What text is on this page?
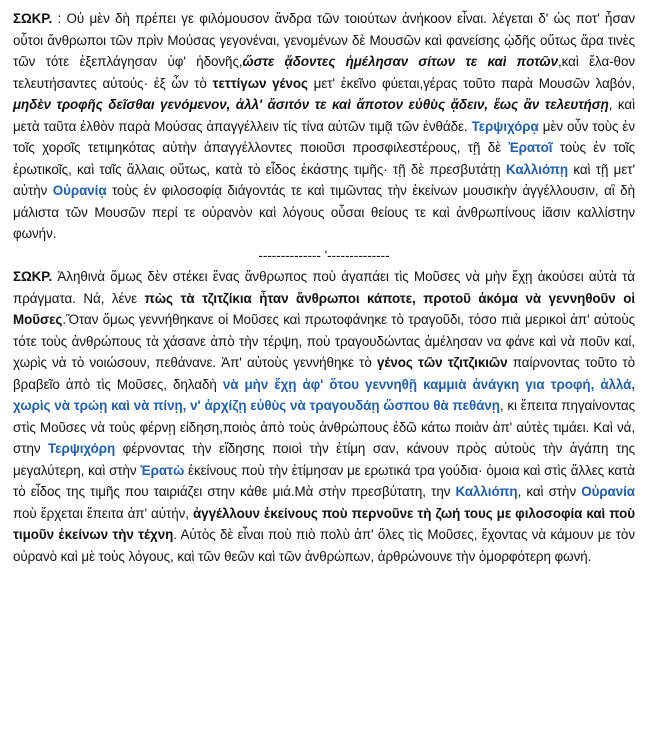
ΣΩΚΡ. : Οὐ μὲν δὴ πρέπει γε φιλόμουσον ἄνδρα τῶν τοιούτων ἀνήκοον εἶναι. λέγεται δ' ὡς ποτ' ἦσαν οὗτοι ἄνθρωποι τῶν πρὶν Μούσας γεγονέναι, γενομένων δὲ Μουσῶν καὶ φανείσης ᾠδῆς οὕτως ἄρα τινὲς τῶν τότε ἐξεπλάγησαν ὑφ' ἡδονῆς,ὥστε ᾄδοντες ἠμέλησαν σίτων τε καὶ ποτῶν,καὶ ἔλα-θον τελευτήσαντες αὐτούς· ἐξ ὧν τὸ τεττίγων γένος μετ' ἐκεῖνο φύεται,γέρας τοῦτο παρὰ Μουσῶν λαβόν, μηδὲν τροφῆς δεῖσθαι γενόμενον, ἀλλ' ἄσιτόν τε καὶ ἄποτον εὐθὺς ᾄδειν, ἕως ἂν τελευτήσῃ, καὶ μετὰ ταῦτα ἐλθὸν παρὰ Μούσας ἀπαγγέλλειν τίς τίνα αὐτῶν τιμᾷ τῶν ἐνθάδε. Τερψιχόρᾳ μὲν οὖν τοὺς ἐν τοῖς χοροῖς τετιμηκότας αὐτὴν ἀπαγγέλλοντες ποιοῦσι προσφιλεστέρους, τῇ δὲ Ἐρατοῖ τοὺς ἐν τοῖς ἐρωτικοῖς, καὶ ταῖς ἄλλαις οὕτως, κατὰ τὸ εἶδος ἑκάστης τιμῆς· τῇ δὲ πρεσβυτάτῃ Καλλιόπῃ καὶ τῇ μετ' αὐτὴν Οὐρανίᾳ τοὺς ἐν φιλοσοφίᾳ διάγοντάς τε καὶ τιμῶντας τὴν ἐκείνων μουσικὴν ἀγγέλλουσιν, αἳ δὴ μάλιστα τῶν Μουσῶν περί τε οὐρανὸν καὶ λόγους οὖσαι θείους τε καὶ ἀνθρωπίνους ἱᾶσιν καλλίστην φωνήν.

-------------- '--------------

ΣΩΚΡ. Ἀληθινὰ ὅμως δὲν στέκει ἕνας ἄνθρωπος ποὺ ἀγαπάει τὶς Μοῦσες νὰ μὴν ἔχῃ ἀκούσει αὐτὰ τὰ πράγματα. Νά, λένε πὼς τὰ τζιτζίκια ἦταν ἄνθρωποι κάποτε, προτοῦ ἀκόμα νὰ γεννηθοῦν οἱ Μοῦσες.Ὅταν ὅμως γεννήθηκανε οἱ Μοῦσες καὶ πρωτοφάνηκε τὸ τραγοῦδι, τόσο πιὰ μερικοὶ ἀπ' αὐτοὺς τότε τοὺς ἀνθρώπους τὰ χάσανε ἀπὸ τὴν τέρψη, ποὺ τραγουδώντας ἀμέλησαν να φάνε καὶ νὰ ποῦν καί, χωρὶς νὰ τὸ νοιώσουν, πεθάνανε. Ἀπ' αὐτοὺς γεννήθηκε τὸ γένος τῶν τζιτζικιῶν παίρνοντας τοῦτο τὸ βραβεῖο ἀπὸ τὶς Μοῦσες, δηλαδὴ νὰ μὴν ἔχῃ ἀφ' ὅτου γεννηθῇ καμμιὰ ἀνάγκη για τροφή, ἀλλά, χωρὶς νὰ τρώῃ καὶ νὰ πίνῃ, ν' ἀρχίζῃ εὐθὺς νὰ τραγουδάῃ ὥσπου θὰ πεθάνῃ, κι ἔπειτα πηγαίνοντας στὶς Μοῦσες νὰ τοὺς φέρνῃ είδηση,ποιὸς ἀπὸ τοὺς ἀνθρώπους ἐδῶ κάτω ποιὰν ἀπ' αὐτὲς τιμάει. Καὶ νά, στην Τερψιχόρη φέρνοντας τὴν εἴδησης ποιοὶ τὴν ἐτίμη σαν, κάνουν πρὸς αὐτοὺς τὴν ἀγάπη της μεγαλύτερη, καὶ στὴν Ἐρατὼ ἐκείνους ποὺ τὴν ἐτίμησαν με ερωτικά τρα γούδια· ὁμοια καὶ στὶς ἄλλες κατὰ τὸ εἶδος της τιμῆς που ταιριάζει στην κάθε μιά.Μὰ στὴν πρεσβύτατη, την Καλλιόπη, καὶ στὴν Οὐρανία ποὺ ἔρχεται ἔπειτα ἀπ' αὐτήν, ἀγγέλλουν ἐκείνους ποὺ περνοῦνε τὴ ζωή τους με φιλοσοφία καὶ ποὺ τιμοῦν ἐκείνων τὴν τέχνη. Αὐτὸς δὲ εἶναι ποὺ πιὸ πολὺ ἀπ' ὅλες τὶς Μοῦσες, ἔχοντας νὰ κάμουν με τὸν οὐρανὸ καὶ μὲ τοὺς λόγους, καὶ τῶν θεῶν καὶ τῶν ἀνθρώπων, ἀρθρώνουνε τὴν ὀμορφότερη φωνή.
